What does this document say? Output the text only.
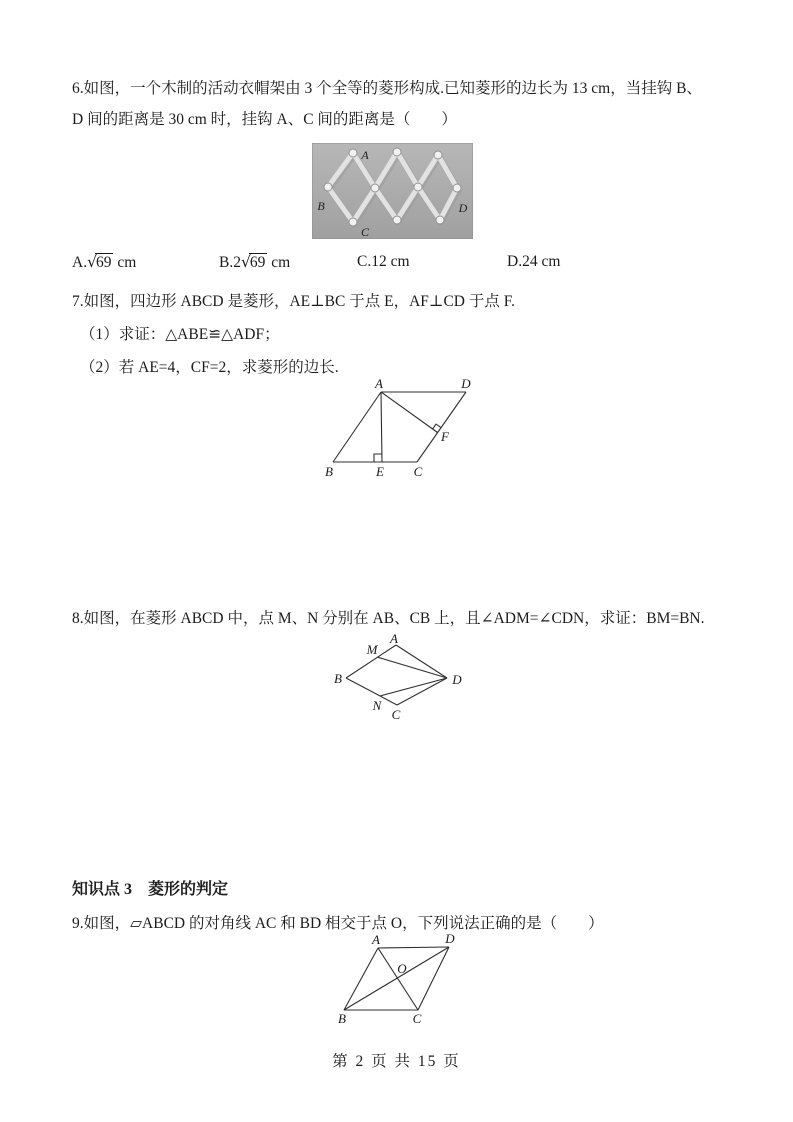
6.如图，一个木制的活动衣帽架由 3 个全等的菱形构成.已知菱形的边长为 13 cm，当挂钩 B、
D 间的距离是 30 cm 时，挂钩 A、C 间的距离是（　　）
A
B
C
D
A.√69 cm	B.2√69 cm	C.12 cm	D.24 cm
7.如图，四边形 ABCD 是菱形，AE⊥BC 于点 E，AF⊥CD 于点 F.
（1）求证：△ABE≌△ADF；
（2）若 AE=4，CF=2，求菱形的边长.
A	D
B	E C
F
8.如图，在菱形 ABCD 中，点 M、N 分别在 AB、CB 上，且∠ADM=∠CDN，求证：BM=BN.
A
M
B	D
N
C
知识点 3　菱形的判定
9.如图，▱ABCD 的对角线 AC 和 BD 相交于点 O，下列说法正确的是（　　）
A	D
O
B	C
第 2 页 共 15 页
